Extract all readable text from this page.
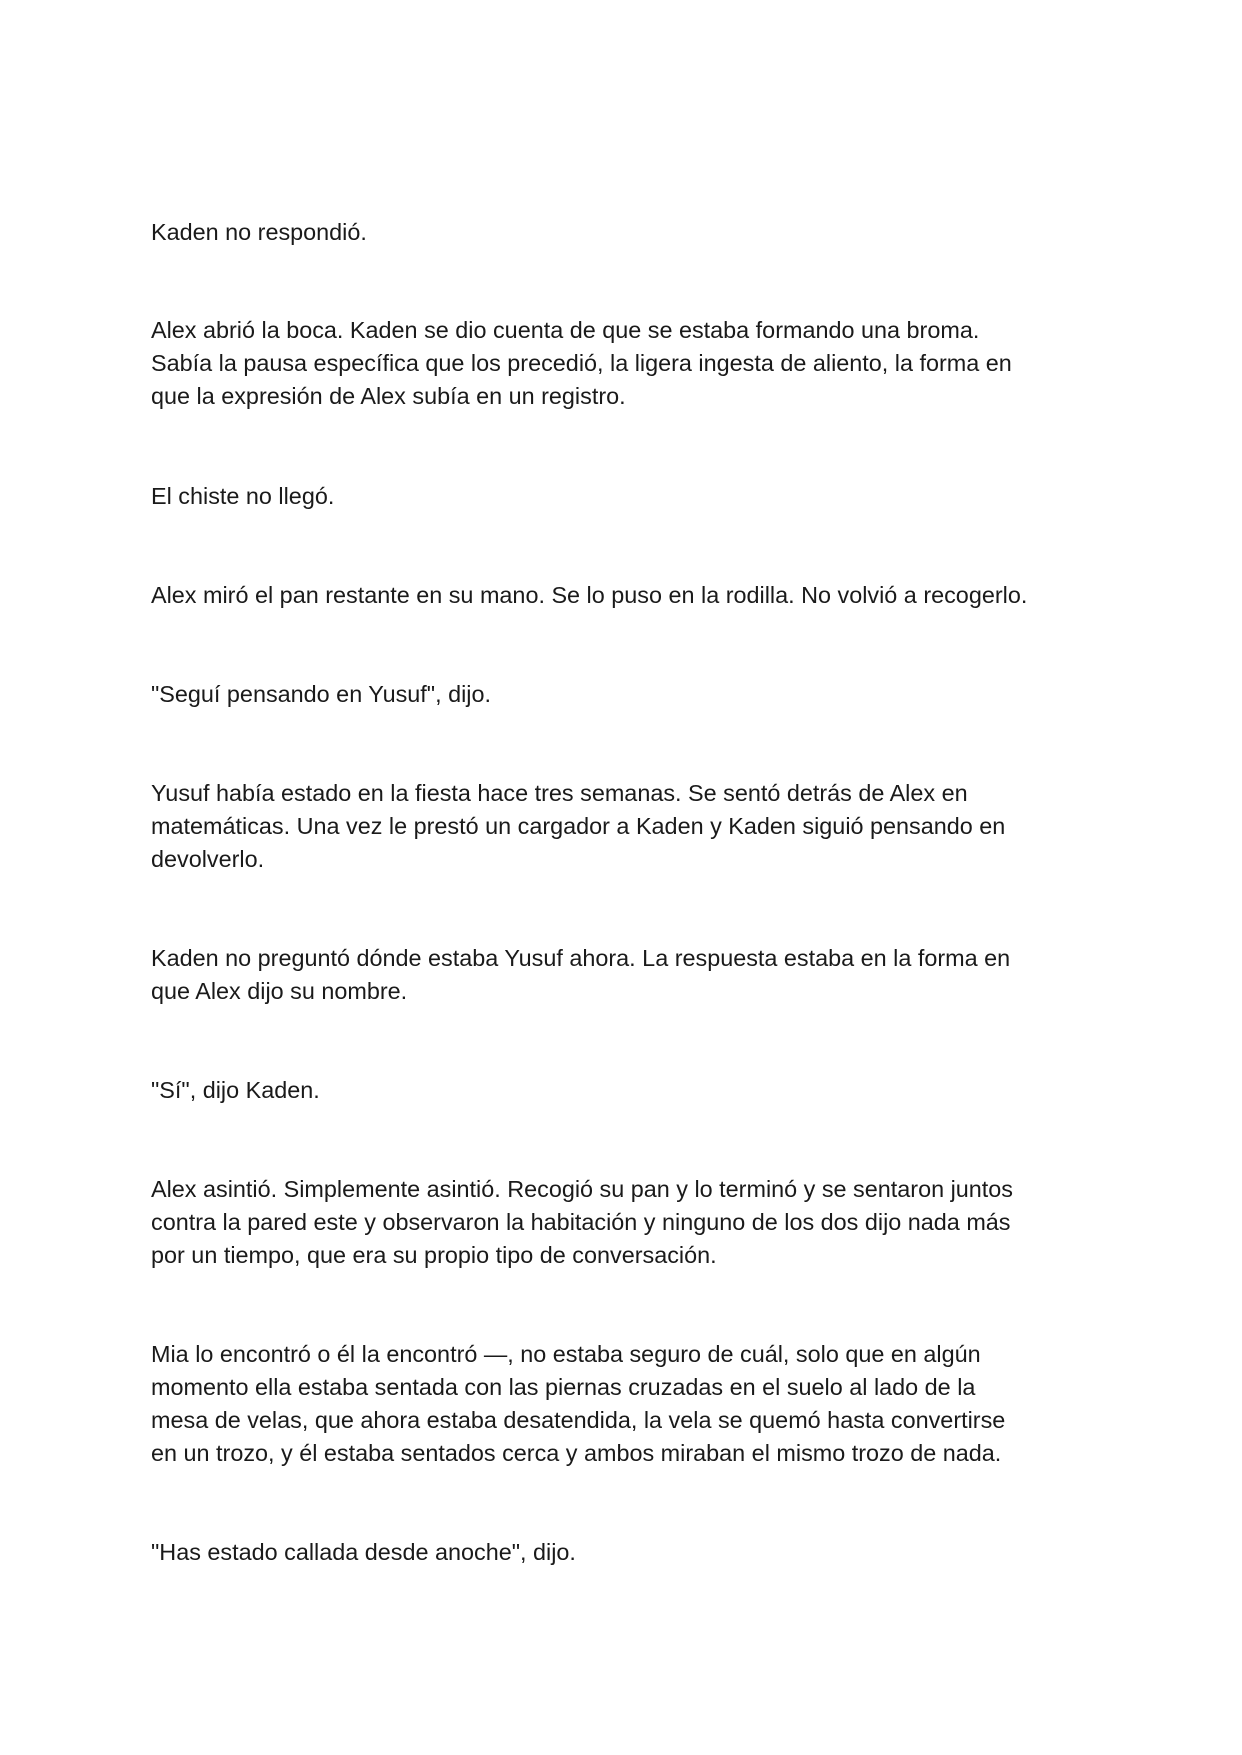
Kaden no respondió.

Alex abrió la boca. Kaden se dio cuenta de que se estaba formando una broma.
Sabía la pausa específica que los precedió, la ligera ingesta de aliento, la forma en
que la expresión de Alex subía en un registro.

El chiste no llegó.

Alex miró el pan restante en su mano. Se lo puso en la rodilla. No volvió a recogerlo.

"Seguí pensando en Yusuf", dijo.

Yusuf había estado en la fiesta hace tres semanas. Se sentó detrás de Alex en
matemáticas. Una vez le prestó un cargador a Kaden y Kaden siguió pensando en
devolverlo.

Kaden no preguntó dónde estaba Yusuf ahora. La respuesta estaba en la forma en
que Alex dijo su nombre.

"Sí", dijo Kaden.

Alex asintió. Simplemente asintió. Recogió su pan y lo terminó y se sentaron juntos
contra la pared este y observaron la habitación y ninguno de los dos dijo nada más
por un tiempo, que era su propio tipo de conversación.

Mia lo encontró o él la encontró —, no estaba seguro de cuál, solo que en algún
momento ella estaba sentada con las piernas cruzadas en el suelo al lado de la
mesa de velas, que ahora estaba desatendida, la vela se quemó hasta convertirse
en un trozo, y él estaba sentados cerca y ambos miraban el mismo trozo de nada.

"Has estado callada desde anoche", dijo.
